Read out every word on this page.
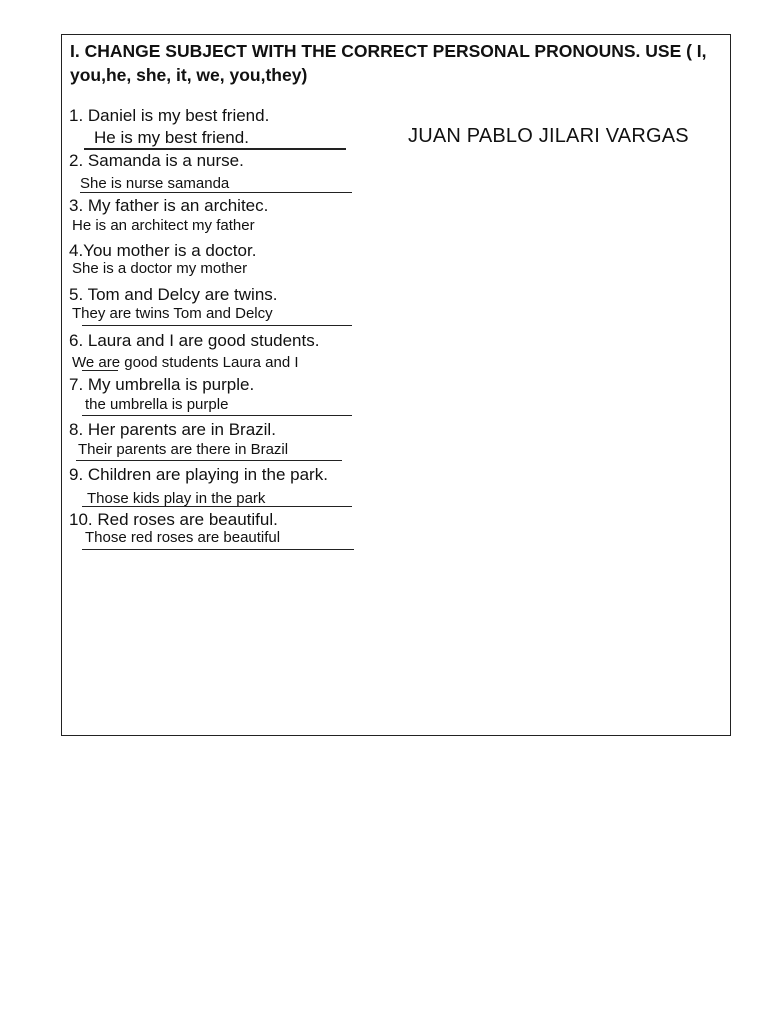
I. CHANGE SUBJECT WITH THE CORRECT PERSONAL PRONOUNS. USE ( I, you,he, she, it, we, you,they)

JUAN PABLO JILARI VARGAS
1. Daniel is my best friend.
He is my best friend.
2. Samanda is a nurse.
She is nurse samanda
3. My father is an architec.
He is an architect my father
4.You mother is a doctor.
She is a doctor my mother
5. Tom and Delcy are twins.
They are twins Tom and Delcy
6. Laura and I are good students.
We are good students Laura and I
7. My umbrella is purple.
the umbrella is purple
8. Her parents are in Brazil.
Their parents are there in Brazil
9. Children are playing in the park.
Those kids play in the park
10. Red roses are beautiful.
Those red roses are beautiful
